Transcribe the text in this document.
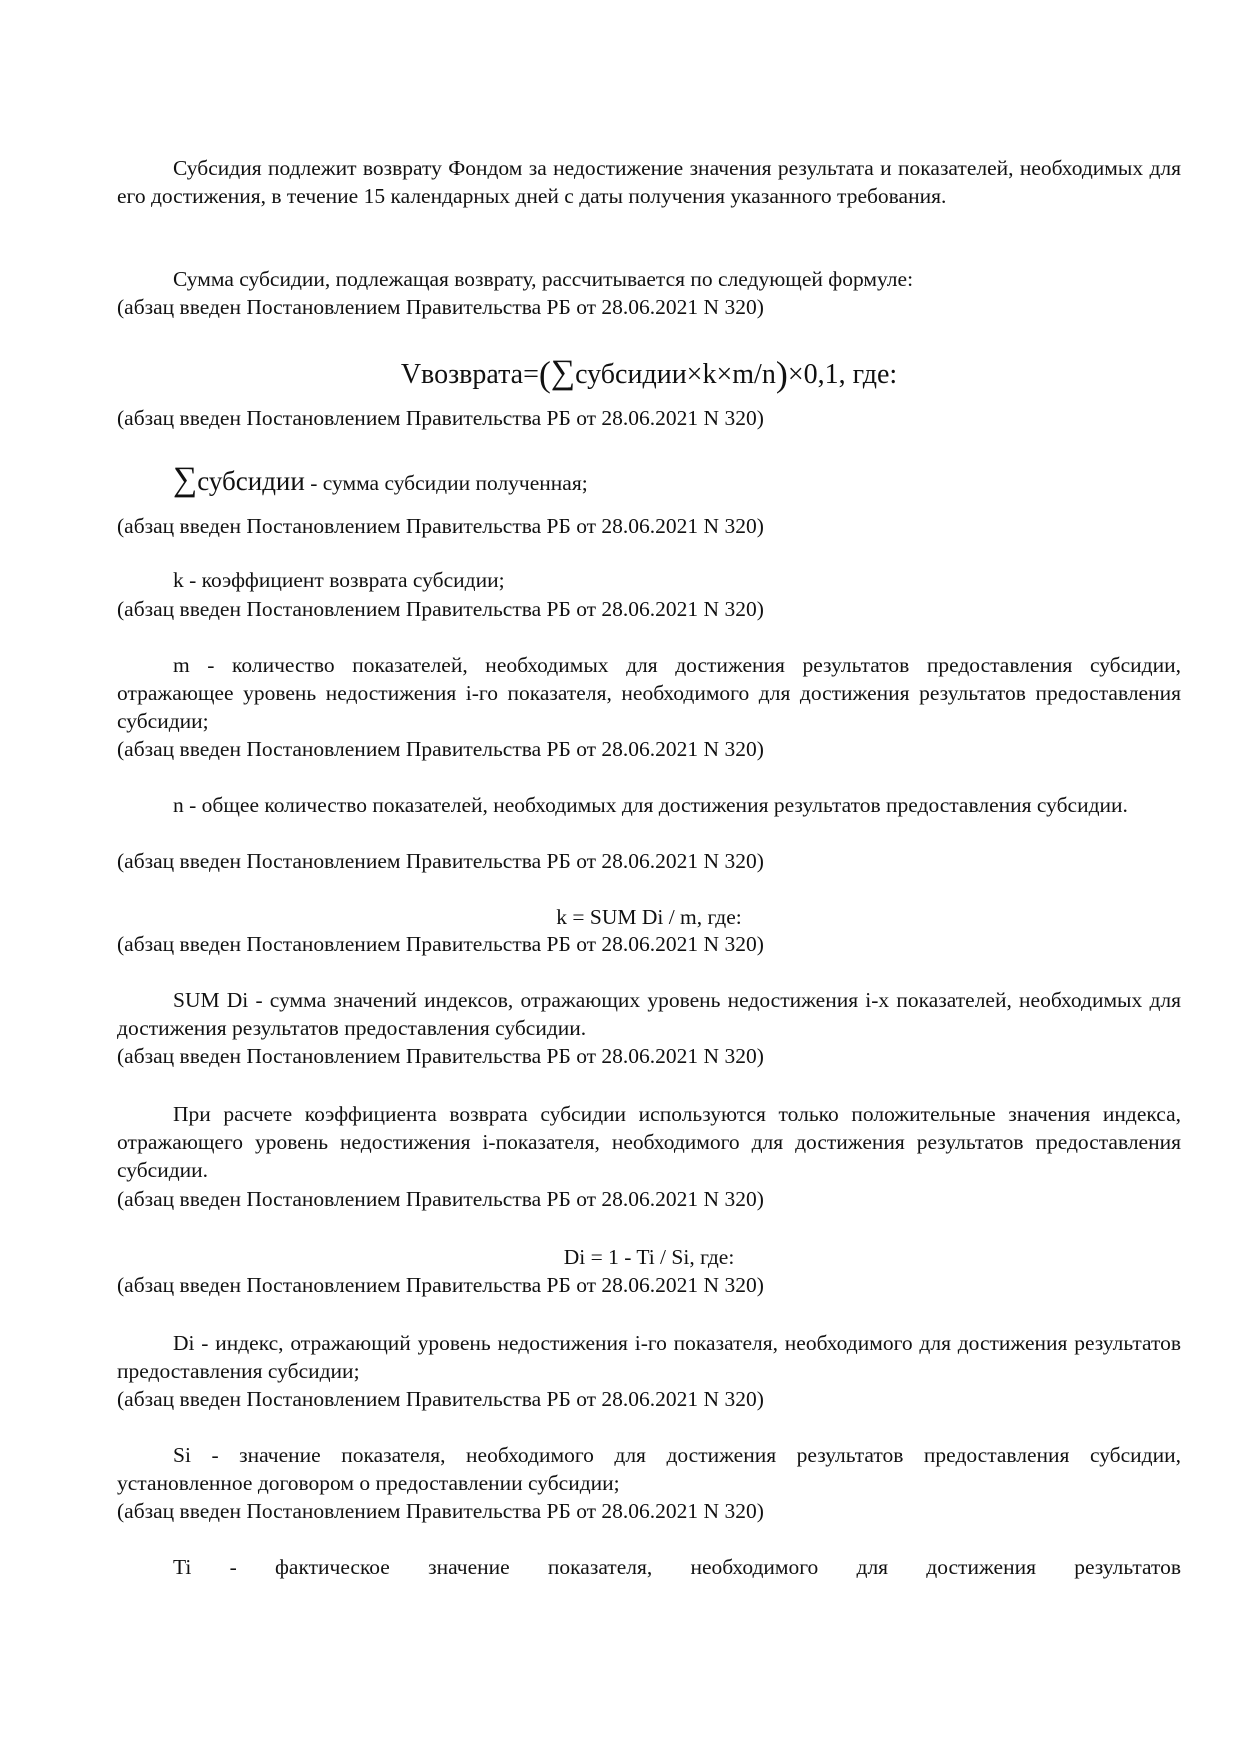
Субсидия подлежит возврату Фондом за недостижение значения результата и показателей, необходимых для его достижения, в течение 15 календарных дней с даты получения указанного требования.

Сумма субсидии, подлежащая возврату, рассчитывается по следующей формуле:

(абзац введен Постановлением Правительства РБ от 28.06.2021 N 320)

Vвозврата=(∑субсидии×k×m/n)×0,1, где:

(абзац введен Постановлением Правительства РБ от 28.06.2021 N 320)

∑субсидии - сумма субсидии полученная;

(абзац введен Постановлением Правительства РБ от 28.06.2021 N 320)

k - коэффициент возврата субсидии;

(абзац введен Постановлением Правительства РБ от 28.06.2021 N 320)

m - количество показателей, необходимых для достижения результатов предоставления субсидии, отражающее уровень недостижения i-го показателя, необходимого для достижения результатов предоставления субсидии;

(абзац введен Постановлением Правительства РБ от 28.06.2021 N 320)

n - общее количество показателей, необходимых для достижения результатов предоставления субсидии.

(абзац введен Постановлением Правительства РБ от 28.06.2021 N 320)

k = SUM Di / m, где:

(абзац введен Постановлением Правительства РБ от 28.06.2021 N 320)

SUM Di - сумма значений индексов, отражающих уровень недостижения i-х показателей, необходимых для достижения результатов предоставления субсидии.

(абзац введен Постановлением Правительства РБ от 28.06.2021 N 320)

При расчете коэффициента возврата субсидии используются только положительные значения индекса, отражающего уровень недостижения i-показателя, необходимого для достижения результатов предоставления субсидии.

(абзац введен Постановлением Правительства РБ от 28.06.2021 N 320)

Di = 1 - Ti / Si, где:

(абзац введен Постановлением Правительства РБ от 28.06.2021 N 320)

Di - индекс, отражающий уровень недостижения i-го показателя, необходимого для достижения результатов предоставления субсидии;

(абзац введен Постановлением Правительства РБ от 28.06.2021 N 320)

Si - значение показателя, необходимого для достижения результатов предоставления субсидии, установленное договором о предоставлении субсидии;

(абзац введен Постановлением Правительства РБ от 28.06.2021 N 320)

Ti - фактическое значение показателя, необходимого для достижения результатов
